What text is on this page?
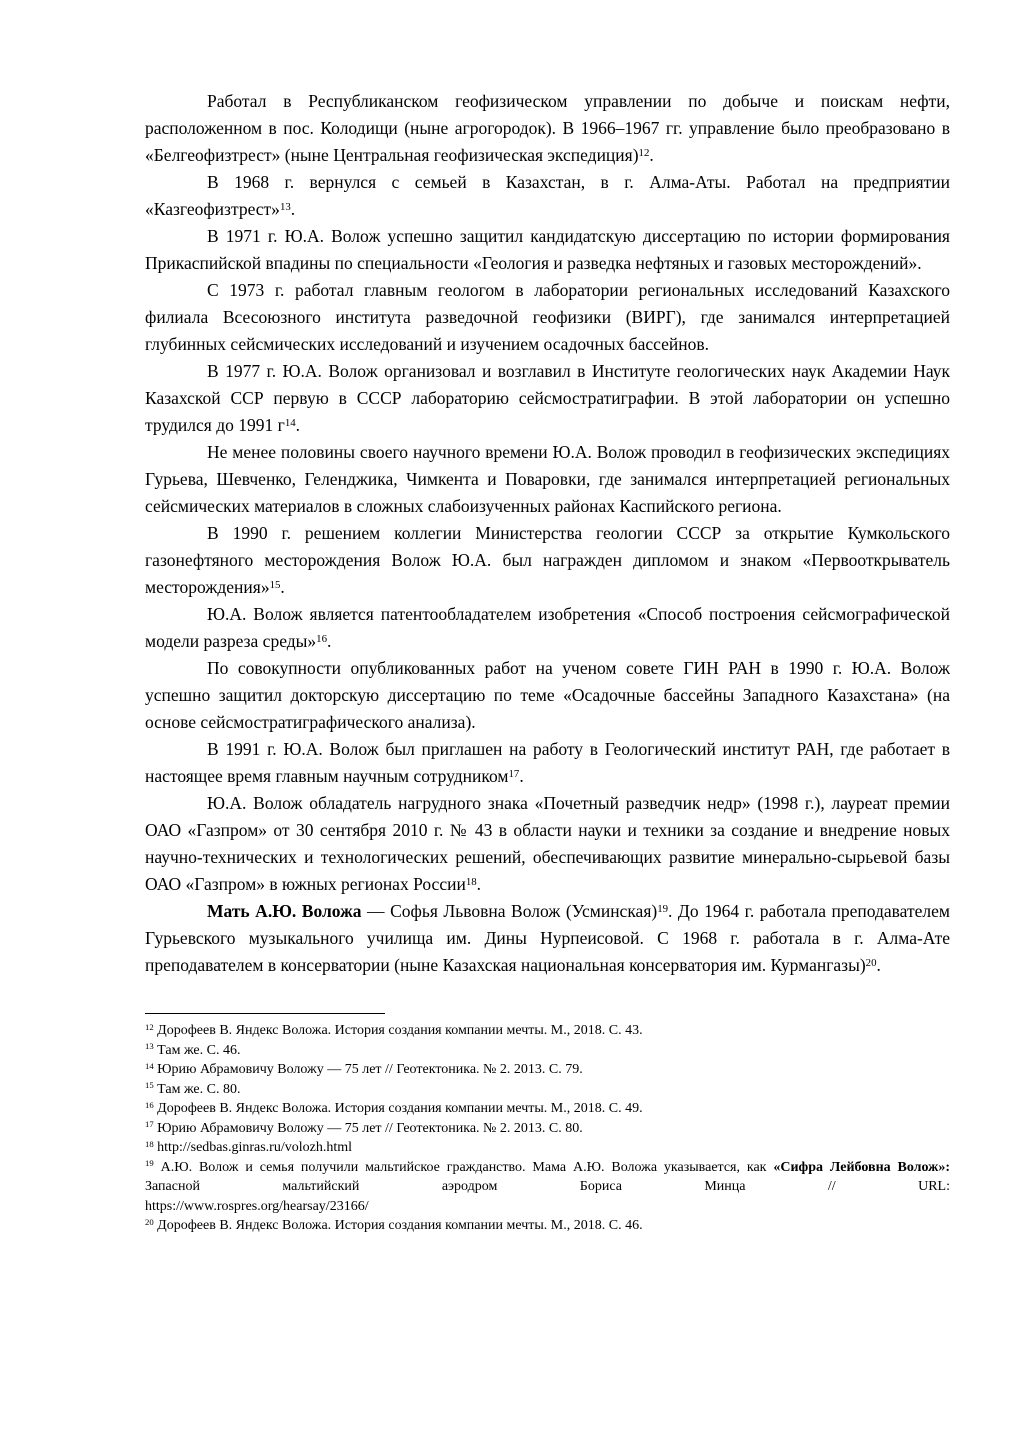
Работал в Республиканском геофизическом управлении по добыче и поискам нефти, расположенном в пос. Колодищи (ныне агрогородок). В 1966–1967 гг. управление было преобразовано в «Белгеофизтрест» (ныне Центральная геофизическая экспедиция)$^{12}$.

В 1968 г. вернулся с семьей в Казахстан, в г. Алма-Аты. Работал на предприятии «Казгеофизтрест»$^{13}$.

В 1971 г. Ю.А. Волож успешно защитил кандидатскую диссертацию по истории формирования Прикаспийской впадины по специальности «Геология и разведка нефтяных и газовых месторождений».

С 1973 г. работал главным геологом в лаборатории региональных исследований Казахского филиала Всесоюзного института разведочной геофизики (ВИРГ), где занимался интерпретацией глубинных сейсмических исследований и изучением осадочных бассейнов.

В 1977 г. Ю.А. Волож организовал и возглавил в Институте геологических наук Академии Наук Казахской ССР первую в СССР лабораторию сейсмостратиграфии. В этой лаборатории он успешно трудился до 1991 $г^{14}$.

Не менее половины своего научного времени Ю.А. Волож проводил в геофизических экспедициях Гурьева, Шевченко, Геленджика, Чимкента и Поваровки, где занимался интерпретацией региональных сейсмических материалов в сложных слабоизученных районах Каспийского региона.

В 1990 г. решением коллегии Министерства геологии СССР за открытие Кумкольского газонефтяного месторождения Волож Ю.А. был награжден дипломом и знаком «Первооткрыватель месторождения»$^{15}$.

Ю.А. Волож является патентообладателем изобретения «Способ построения сейсмографической модели разреза среды»$^{16}$.

По совокупности опубликованных работ на ученом совете ГИН РАН в 1990 г. Ю.А. Волож успешно защитил докторскую диссертацию по теме «Осадочные бассейны Западного Казахстана» (на основе сейсмостратиграфического анализа).

В 1991 г. Ю.А. Волож был приглашен на работу в Геологический институт РАН, где работает в настоящее время главным научным сотрудником$^{17}$.

Ю.А. Волож обладатель нагрудного знака «Почетный разведчик недр» (1998 г.), лауреат премии ОАО «Газпром» от 30 сентября 2010 г. № 43 в области науки и техники за создание и внедрение новых научно-технических и технологических решений, обеспечивающих развитие минерально-сырьевой базы ОАО «Газпром» в южных регионах России$^{18}$.

Мать А.Ю. Воложа — Софья Львовна Волож (Усминская)$^{19}$. До 1964 г. работала преподавателем Гурьевского музыкального училища им. Дины Нурпеисовой. С 1968 г. работала в г. Алма-Ате преподавателем в консерватории (ныне Казахская национальная консерватория им. Курмангазы)$^{20}$.

$^{12}$ Дорофеев В. Яндекс Воложа. История создания компании мечты. М., 2018. С. 43.

$^{13}$ Там же. С. 46.

$^{14}$ Юрию Абрамовичу Воложу — 75 лет // Геотектоника. № 2. 2013. С. 79.

$^{15}$ Там же. С. 80.

$^{16}$ Дорофеев В. Яндекс Воложа. История создания компании мечты. М., 2018. С. 49.

$^{17}$ Юрию Абрамовичу Воложу — 75 лет // Геотектоника. № 2. 2013. С. 80.

$^{18}$ http://sedbas.ginras.ru/volozh.html

$^{19}$ А.Ю. Волож и семья получили мальтийское гражданство. Мама А.Ю. Воложа указывается, как «Сифра Лейбовна Волож»: Запасной мальтийский аэродром Бориса Минца // URL:
https://www.rospres.org/hearsay/23166/

$^{20}$ Дорофеев В. Яндекс Воложа. История создания компании мечты. М., 2018. С. 46.
